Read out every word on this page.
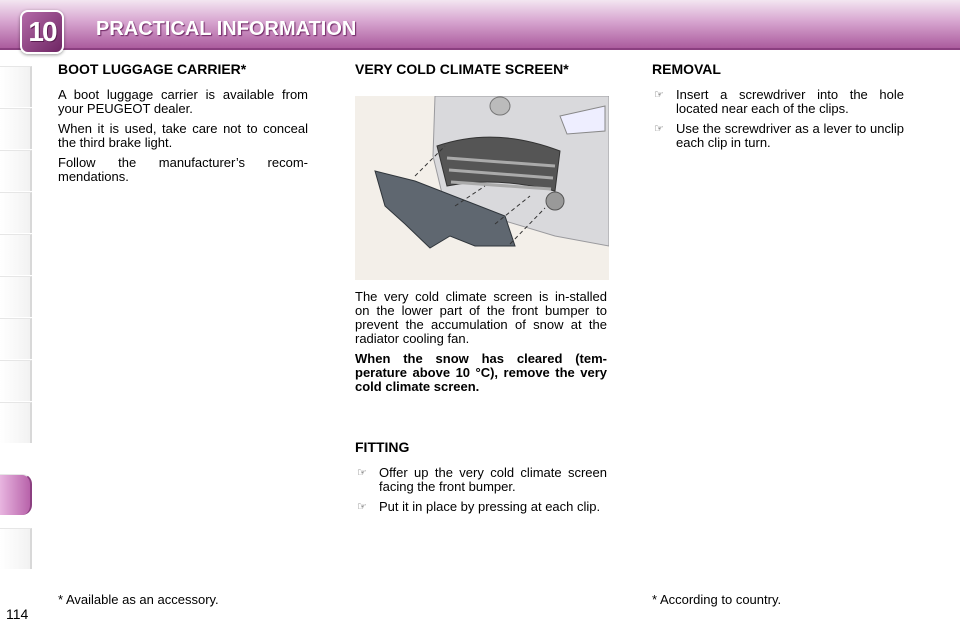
10	PRACTICAL INFORMATION
114
BOOT LUGGAGE CARRIER*

A boot luggage carrier is available from your PEUGEOT dealer.

When it is used, take care not to conceal the third brake light.

Follow the manufacturer’s recom-mendations.

VERY COLD CLIMATE SCREEN*

The very cold climate screen is in-stalled on the lower part of the front bumper to prevent the accumulation of snow at the radiator cooling fan.

When the snow has cleared (tem-perature above 10 °C), remove the very cold climate screen.

FITTING
☞ Offer up the very cold climate screen facing the front bumper.
☞ Put it in place by pressing at each clip.
REMOVAL
☞ Insert a screwdriver into the hole located near each of the clips.
☞ Use the screwdriver as a lever to unclip each clip in turn.
* Available as an accessory.	* According to country.
